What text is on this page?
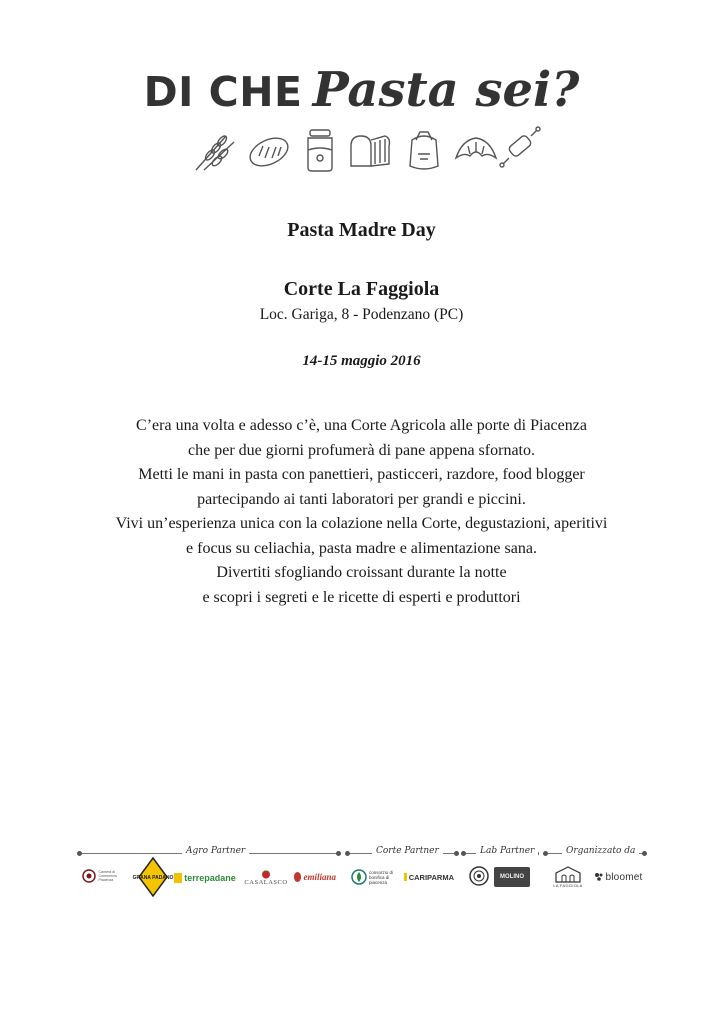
DI CHE Pasta sei?
Pasta Madre Day
Corte La Faggiola
Loc. Gariga, 8 - Podenzano (PC)
14-15 maggio 2016
C’era una volta e adesso c’è, una Corte Agricola alle porte di Piacenza
che per due giorni profumerà di pane appena sfornato.
Metti le mani in pasta con panettieri, pasticceri, razdore, food blogger
partecipando ai tanti laboratori per grandi e piccini.
Vivi un’esperienza unica con la colazione nella Corte, degustazioni, aperitivi
e focus su celiachia, pasta madre e alimentazione sana.
Divertiti sfogliando croissant durante la notte
e scopri i segreti e le ricette di esperti e produttori
Agro Partner	Corte Partner	Lab Partner	Organizzato da
Camera di Commercio Piacenza	GRANA PADANO terrepadane CASALASCO emiliana	consorzio di bonifica di piacenza
CARIPARMA	MOLINO
LA FAGGIOLA
bloomet
